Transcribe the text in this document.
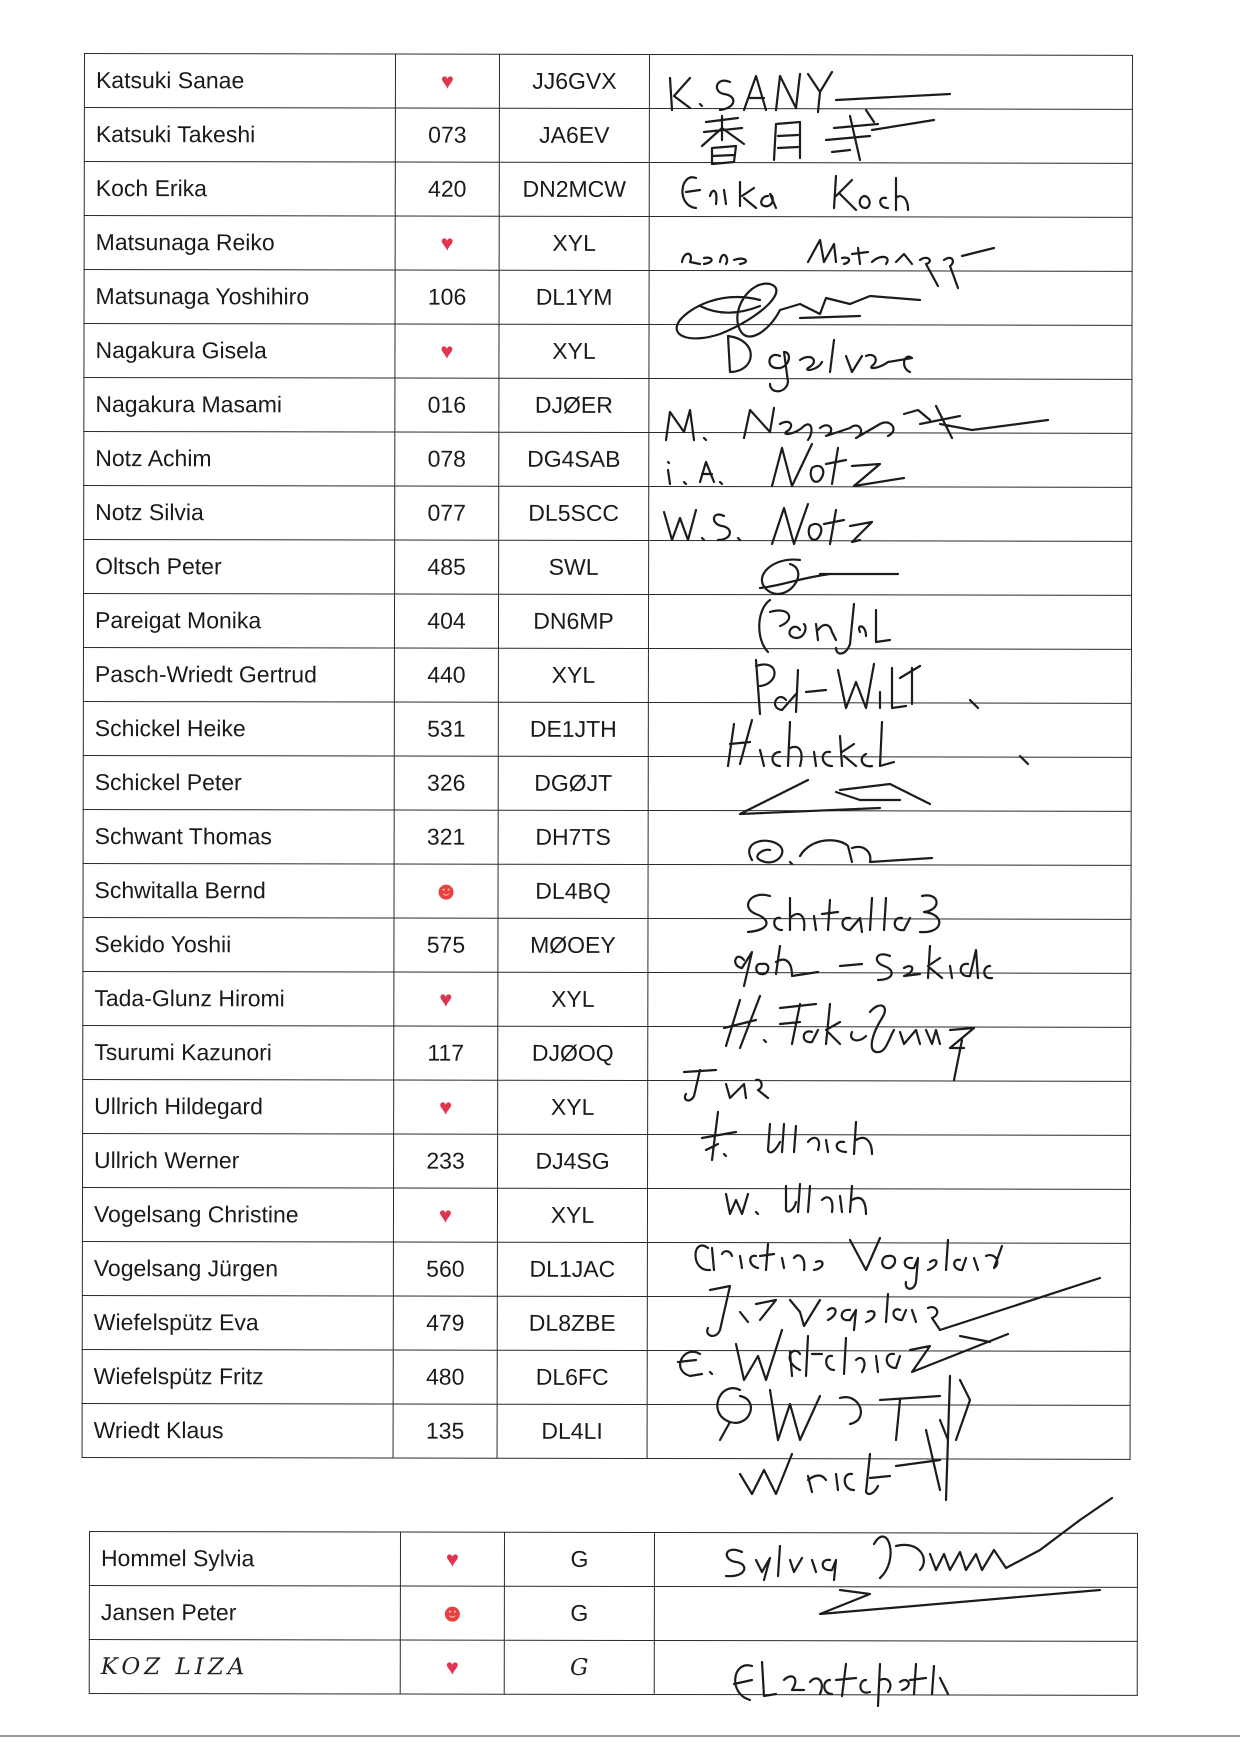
Katsuki Sanae	♥	JJ6GVX	
Katsuki Takeshi	073	JA6EV	
Koch Erika	420	DN2MCW	
Matsunaga Reiko	♥	XYL	
Matsunaga Yoshihiro	106	DL1YM	
Nagakura Gisela	♥	XYL	
Nagakura Masami	016	DJØER	
Notz Achim	078	DG4SAB	
Notz Silvia	077	DL5SCC	
Oltsch Peter	485	SWL	
Pareigat Monika	404	DN6MP	
Pasch-Wriedt Gertrud	440	XYL	
Schickel Heike	531	DE1JTH	
Schickel Peter	326	DGØJT	
Schwant Thomas	321	DH7TS	
Schwitalla Bernd		DL4BQ	
Sekido Yoshii	575	MØOEY	
Tada-Glunz Hiromi	♥	XYL	
Tsurumi Kazunori	117	DJØOQ	
Ullrich Hildegard	♥	XYL	
Ullrich Werner	233	DJ4SG	
Vogelsang Christine	♥	XYL	
Vogelsang Jürgen	560	DL1JAC	
Wiefelspütz Eva	479	DL8ZBE	
Wiefelspütz Fritz	480	DL6FC	
Wriedt Klaus	135	DL4LI	
Hommel Sylvia	♥	G	
Jansen Peter		G	
KOZ LIZA	♥	G	
